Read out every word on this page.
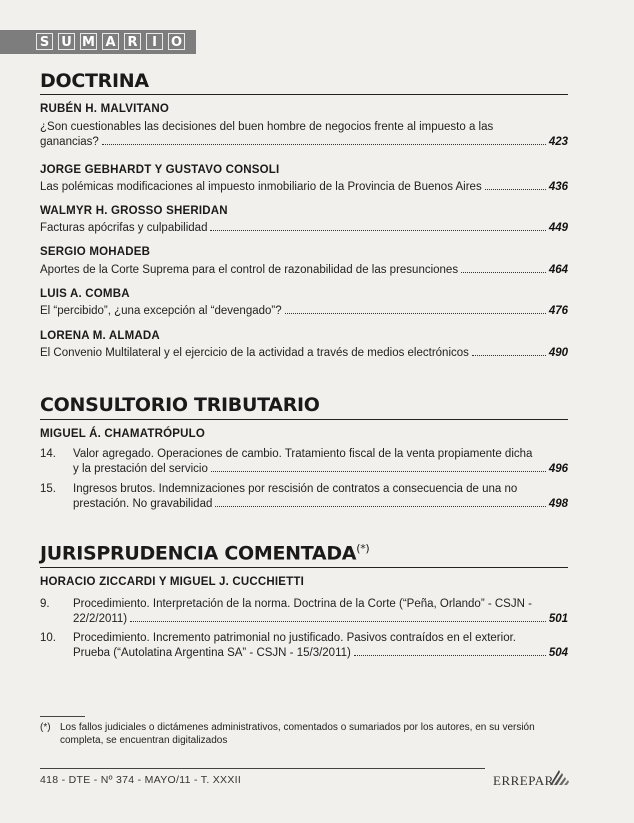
S U M A R	I	O
DOCTRINA
RUBÉN H. MALVITANO
¿Son cuestionables las decisiones del buen hombre de negocios frente al impuesto a las
ganancias?	423
JORGE GEBHARDT Y GUSTAVO CONSOLI
Las polémicas modificaciones al impuesto inmobiliario de la Provincia de Buenos Aires	436
WALMYR H. GROSSO SHERIDAN
Facturas apócrifas y culpabilidad	449
SERGIO MOHADEB
Aportes de la Corte Suprema para el control de razonabilidad de las presunciones	464
LUIS A. COMBA
El “percibido”, ¿una excepción al “devengado”?	476
LORENA M. ALMADA
El Convenio Multilateral y el ejercicio de la actividad a través de medios electrónicos	490
CONSULTORIO TRIBUTARIO
MIGUEL Á. CHAMATRÓPULO
14.	Valor agregado. Operaciones de cambio. Tratamiento fiscal de la venta propiamente dicha
y la prestación del servicio	496
15.	Ingresos brutos. Indemnizaciones por rescisión de contratos a consecuencia de una no
prestación. No gravabilidad	498
JURISPRUDENCIA COMENTADA(*)
HORACIO ZICCARDI Y MIGUEL J. CUCCHIETTI
9.	Procedimiento. Interpretación de la norma. Doctrina de la Corte (“Peña, Orlando” - CSJN -
22/2/2011)	501
10.	Procedimiento. Incremento patrimonial no justificado. Pasivos contraídos en el exterior.
Prueba (“Autolatina Argentina SA” - CSJN - 15/3/2011)	504
(*) Los fallos judiciales o dictámenes administrativos, comentados o sumariados por los autores, en su versión completa, se encuentran digitalizados
418 - DTE - Nº 374 - MAYO/11 - T. XXXII	ERREPAR
